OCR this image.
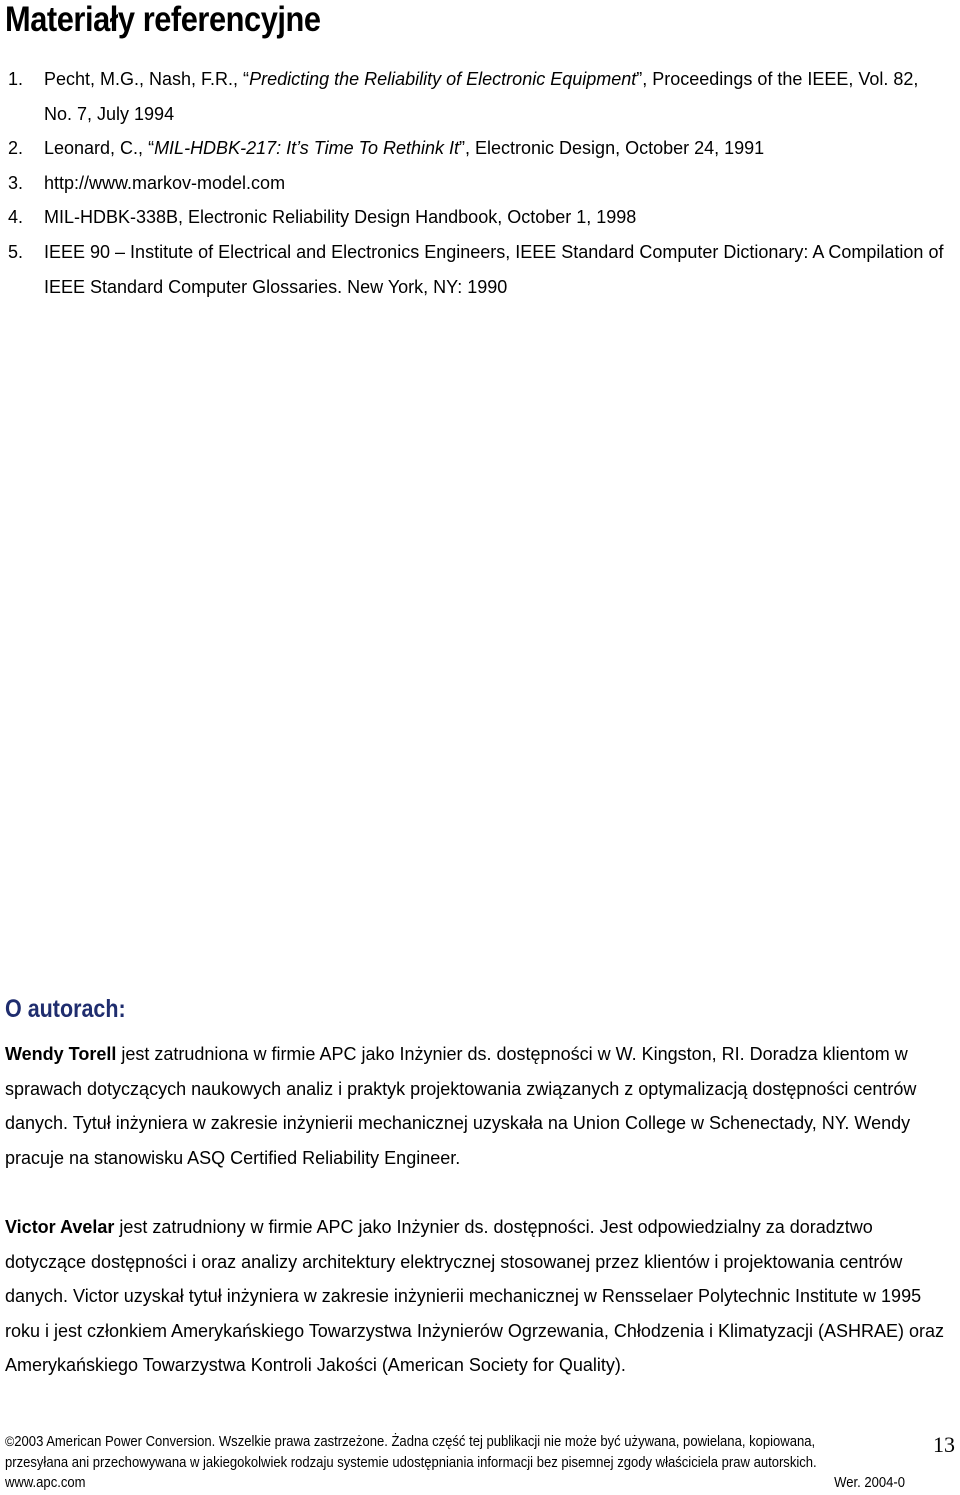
Materiały referencyjne
1. Pecht, M.G., Nash, F.R., “Predicting the Reliability of Electronic Equipment”, Proceedings of the IEEE, Vol. 82, No. 7, July 1994
2. Leonard, C., “MIL-HDBK-217: It’s Time To Rethink It”, Electronic Design, October 24, 1991
3. http://www.markov-model.com
4. MIL-HDBK-338B, Electronic Reliability Design Handbook, October 1, 1998
5. IEEE 90 – Institute of Electrical and Electronics Engineers, IEEE Standard Computer Dictionary: A Compilation of IEEE Standard Computer Glossaries. New York, NY: 1990
O autorach:

Wendy Torell jest zatrudniona w firmie APC jako Inżynier ds. dostępności w W. Kingston, RI. Doradza klientom w sprawach dotyczących naukowych analiz i praktyk projektowania związanych z optymalizacją dostępności centrów danych. Tytuł inżyniera w zakresie inżynierii mechanicznej uzyskała na Union College w Schenectady, NY. Wendy pracuje na stanowisku ASQ Certified Reliability Engineer.

Victor Avelar jest zatrudniony w firmie APC jako Inżynier ds. dostępności. Jest odpowiedzialny za doradztwo dotyczące dostępności i oraz analizy architektury elektrycznej stosowanej przez klientów i projektowania centrów danych. Victor uzyskał tytuł inżyniera w zakresie inżynierii mechanicznej w Rensselaer Polytechnic Institute w 1995 roku i jest członkiem Amerykańskiego Towarzystwa Inżynierów Ogrzewania, Chłodzenia i Klimatyzacji (ASHRAE) oraz Amerykańskiego Towarzystwa Kontroli Jakości (American Society for Quality).

©2003 American Power Conversion. Wszelkie prawa zastrzeżone. Żadna część tej publikacji nie może być używana, powielana, kopiowana,
przesyłana ani przechowywana w jakiegokolwiek rodzaju systemie udostępniania informacji bez pisemnej zgody właściciela praw autorskich.
www.apc.com	Wer. 2004-0
13
